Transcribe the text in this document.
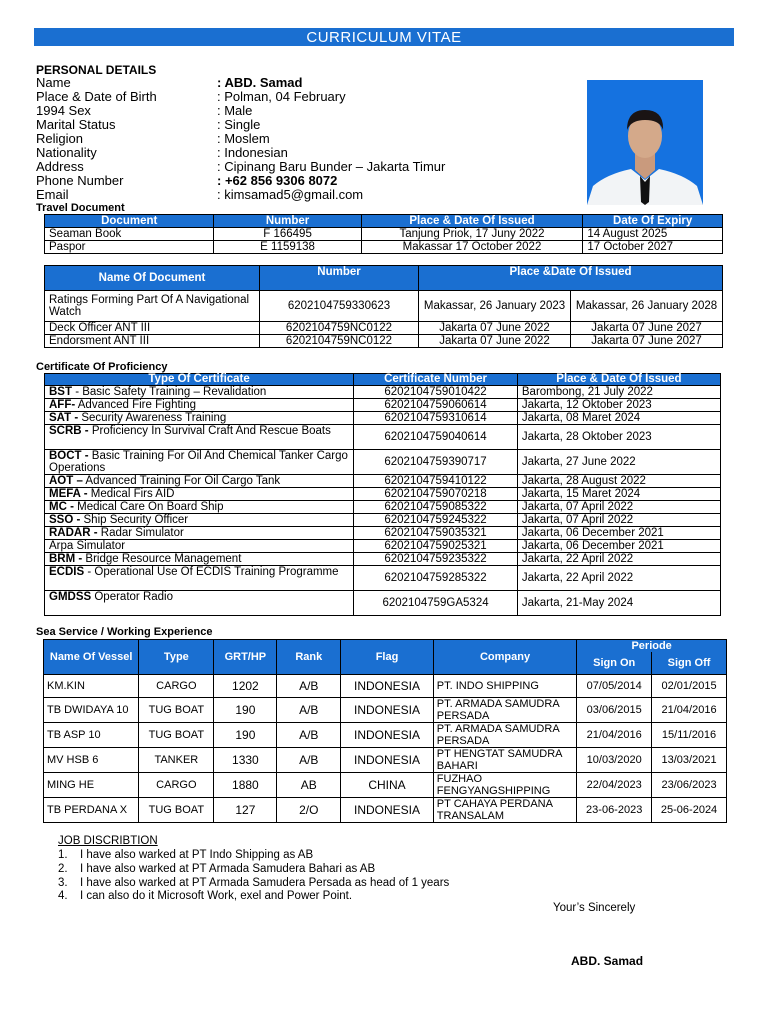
CURRICULUM VITAE
PERSONAL DETAILS
Name	: ABD. Samad
Place & Date of Birth	: Polman, 04 February
1994 Sex	: Male
Marital Status	: Single
Religion	: Moslem
Nationality	: Indonesian
Address	: Cipinang Baru Bunder – Jakarta Timur
Phone Number	: +62 856 9306 8072
Email	: kimsamad5@gmail.com
Travel Document
Document	Number	Place & Date Of Issued	Date Of Expiry
Seaman Book	F 166495	Tanjung Priok, 17 Juny 2022	14 August 2025
Paspor	E 1159138	Makassar 17 October 2022	17 October 2027
Name Of Document	Number	Place &Date Of Issued	
Ratings Forming Part Of A Navigational Watch	6202104759330623	Makassar, 26 January 2023	Makassar, 26 January 2028
Deck Officer ANT III	6202104759NC0122	Jakarta 07 June 2022	Jakarta 07 June 2027
Endorsment ANT III	6202104759NC0122	Jakarta 07 June 2022	Jakarta 07 June 2027
Certificate Of Proficiency
Type Of Certificate	Certificate Number	Place & Date Of Issued
BST - Basic Safety Training – Revalidation	6202104759010422	Barombong, 21 July 2022
AFF- Advanced Fire Fighting	6202104759060614	Jakarta, 12 Oktober 2023
SAT - Security Awareness Training	6202104759310614	Jakarta, 08 Maret 2024
SCRB - Proficiency In Survival Craft And Rescue Boats	6202104759040614	Jakarta, 28 Oktober 2023
BOCT - Basic Training For Oil And Chemical Tanker Cargo Operations	6202104759390717	Jakarta, 27 June 2022
AOT – Advanced Training For Oil Cargo Tank	6202104759410122	Jakarta, 28 August 2022
MEFA - Medical Firs AID	6202104759070218	Jakarta, 15 Maret 2024
MC - Medical Care On Board Ship	6202104759085322	Jakarta, 07 April 2022
SSO - Ship Security Officer	6202104759245322	Jakarta, 07 April 2022
RADAR - Radar Simulator	6202104759035321	Jakarta, 06 December 2021
Arpa Simulator	6202104759025321	Jakarta, 06 December 2021
BRM - Bridge Resource Management	6202104759235322	Jakarta, 22 April 2022
ECDIS - Operational Use Of ECDIS Training Programme	6202104759285322	Jakarta, 22 April 2022
GMDSS Operator Radio	6202104759GA5324	Jakarta, 21-May 2024
Sea Service / Working Experience
Name Of Vessel	Type	GRT/HP	Rank	Flag	Company	Periode	
						Sign On	Sign Off
KM.KIN	CARGO	1202	A/B	INDONESIA	PT. INDO SHIPPING	07/05/2014	02/01/2015
TB DWIDAYA 10	TUG BOAT	190	A/B	INDONESIA	PT. ARMADA SAMUDRA PERSADA	03/06/2015	21/04/2016
TB ASP 10	TUG BOAT	190	A/B	INDONESIA	PT. ARMADA SAMUDRA PERSADA	21/04/2016	15/11/2016
MV HSB 6	TANKER	1330	A/B	INDONESIA	PT HENGTAT SAMUDRA BAHARI	10/03/2020	13/03/2021
MING HE	CARGO	1880	AB	CHINA	FUZHAO FENGYANGSHIPPING	22/04/2023	23/06/2023
TB PERDANA X	TUG BOAT	127	2/O	INDONESIA	PT CAHAYA PERDANA TRANSALAM	23-06-2023	25-06-2024
JOB DISCRIBTION
1. I have also warked at PT Indo Shipping as AB
2. I have also warked at PT Armada Samudera Bahari as AB
3. I have also warked at PT Armada Samudera Persada as head of 1 years
4. I can also do it Microsoft Work, exel and Power Point.
Your’s Sincerely
ABD. Samad
